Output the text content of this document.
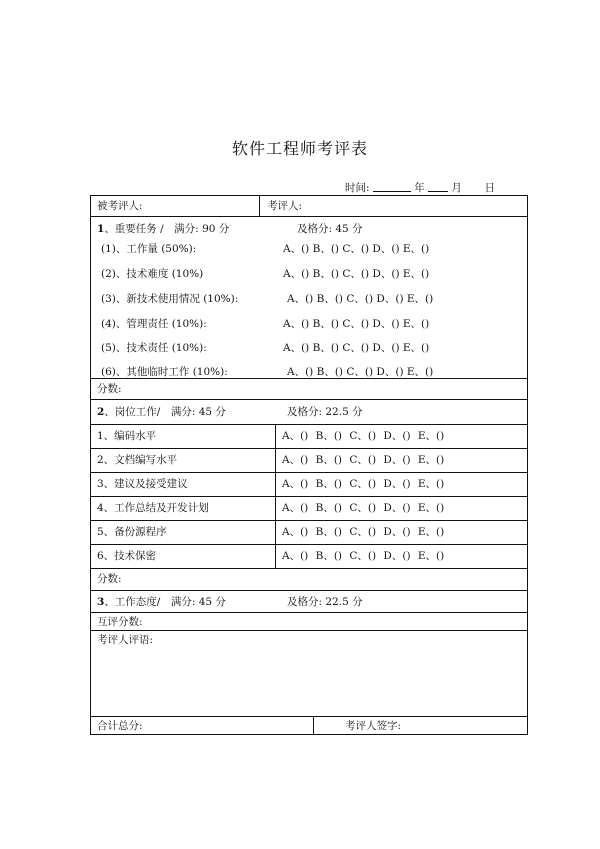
软件工程师考评表
时间:	年	月 日
被考评人:	考评人:
1、重要任务 /　满分: 90 分	及格分: 45 分
(1)、工作量 (50%):	A、() B、() C、() D、() E、()
(2)、技术难度 (10%)	A、() B、() C、() D、() E、()
(3)、新技术使用情况 (10%):	A、() B、() C、() D、() E、()
(4)、管理责任 (10%):	A、() B、() C、() D、() E、()
(5)、技术责任 (10%):	A、() B、() C、() D、() E、()
(6)、其他临时工作 (10%):	A、() B、() C、() D、() E、()
分数:
2、岗位工作/　满分: 45 分	及格分: 22.5 分
1、编码水平	A、() B、() C、() D、() E、()
2、文档编写水平	A、() B、() C、() D、() E、()
3、建议及接受建议	A、() B、() C、() D、() E、()
4、工作总结及开发计划	A、() B、() C、() D、() E、()
5、备份源程序	A、() B、() C、() D、() E、()
6、技术保密	A、() B、() C、() D、() E、()
分数:
3、工作态度/　满分: 45 分	及格分: 22.5 分
互评分数:
考评人评语:
合计总分:	考评人签字:
